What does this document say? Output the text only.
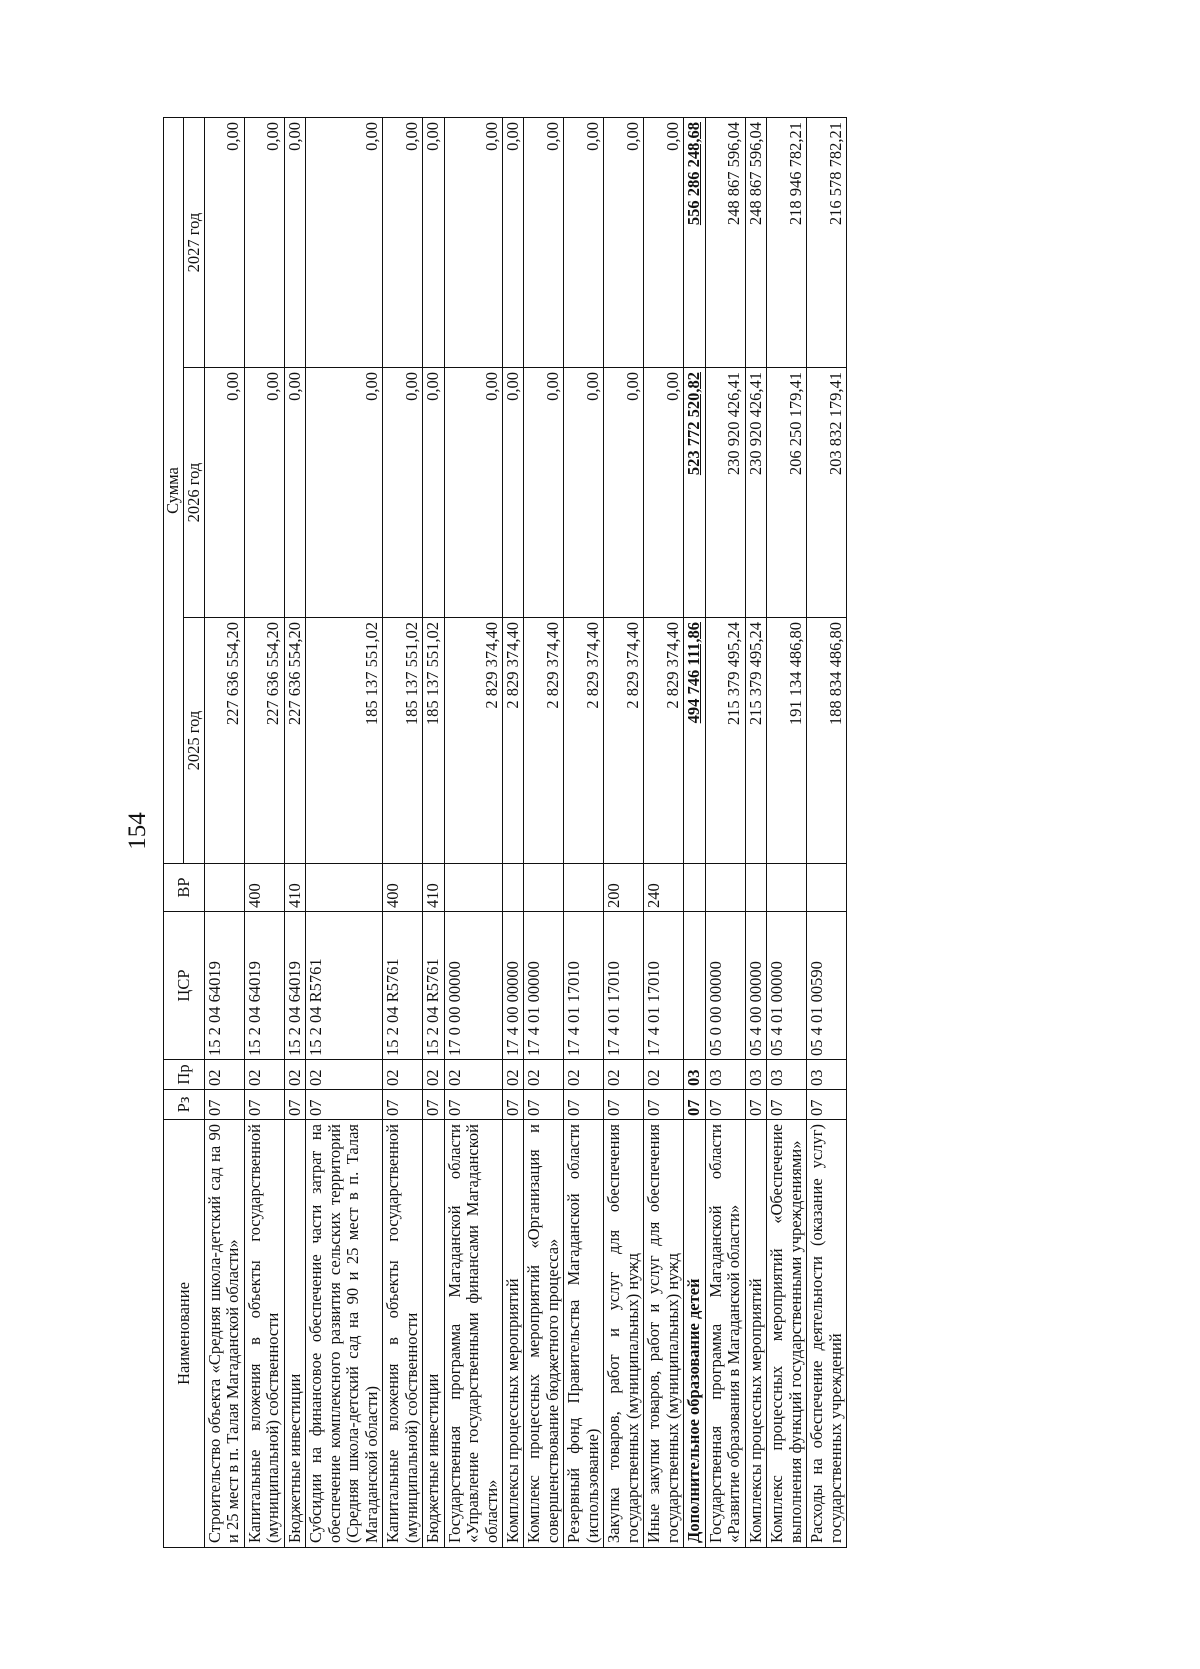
154
Наименование	Рз	Пр	ЦСР	ВР	Сумма		
					2025 год	2026 год	2027 год
Строительство объекта «Средняя школа-детский сад на 90 и 25 мест в п. Талая Магаданской области»	07	02	15 2 04 64019		227 636 554,20	0,00	0,00
Капитальные вложения в объекты государственной (муниципальной) собственности	07	02	15 2 04 64019	400	227 636 554,20	0,00	0,00
Бюджетные инвестиции	07	02	15 2 04 64019	410	227 636 554,20	0,00	0,00
Субсидии на финансовое обеспечение части затрат на обеспечение комплексного развития сельских территорий (Средняя школа-детский сад на 90 и 25 мест в п. Талая Магаданской области)	07	02	15 2 04 R5761		185 137 551,02	0,00	0,00
Капитальные вложения в объекты государственной (муниципальной) собственности	07	02	15 2 04 R5761	400	185 137 551,02	0,00	0,00
Бюджетные инвестиции	07	02	15 2 04 R5761	410	185 137 551,02	0,00	0,00
Государственная программа Магаданской области «Управление государственными финансами Магаданской области»	07	02	17 0 00 00000		2 829 374,40	0,00	0,00
Комплексы процессных мероприятий	07	02	17 4 00 00000		2 829 374,40	0,00	0,00
Комплекс процессных мероприятий «Организация и совершенствование бюджетного процесса»	07	02	17 4 01 00000		2 829 374,40	0,00	0,00
Резервный фонд Правительства Магаданской области (использование)	07	02	17 4 01 17010		2 829 374,40	0,00	0,00
Закупка товаров, работ и услуг для обеспечения государственных (муниципальных) нужд	07	02	17 4 01 17010	200	2 829 374,40	0,00	0,00
Иные закупки товаров, работ и услуг для обеспечения государственных (муниципальных) нужд	07	02	17 4 01 17010	240	2 829 374,40	0,00	0,00
Дополнительное образование детей	07	03			494 746 111,86	523 772 520,82	556 286 248,68
Государственная программа Магаданской области «Развитие образования в Магаданской области»	07	03	05 0 00 00000		215 379 495,24	230 920 426,41	248 867 596,04
Комплексы процессных мероприятий	07	03	05 4 00 00000		215 379 495,24	230 920 426,41	248 867 596,04
Комплекс процессных мероприятий «Обеспечение выполнения функций государственными учреждениями»	07	03	05 4 01 00000		191 134 486,80	206 250 179,41	218 946 782,21
Расходы на обеспечение деятельности (оказание услуг) государственных учреждений	07	03	05 4 01 00590		188 834 486,80	203 832 179,41	216 578 782,21
